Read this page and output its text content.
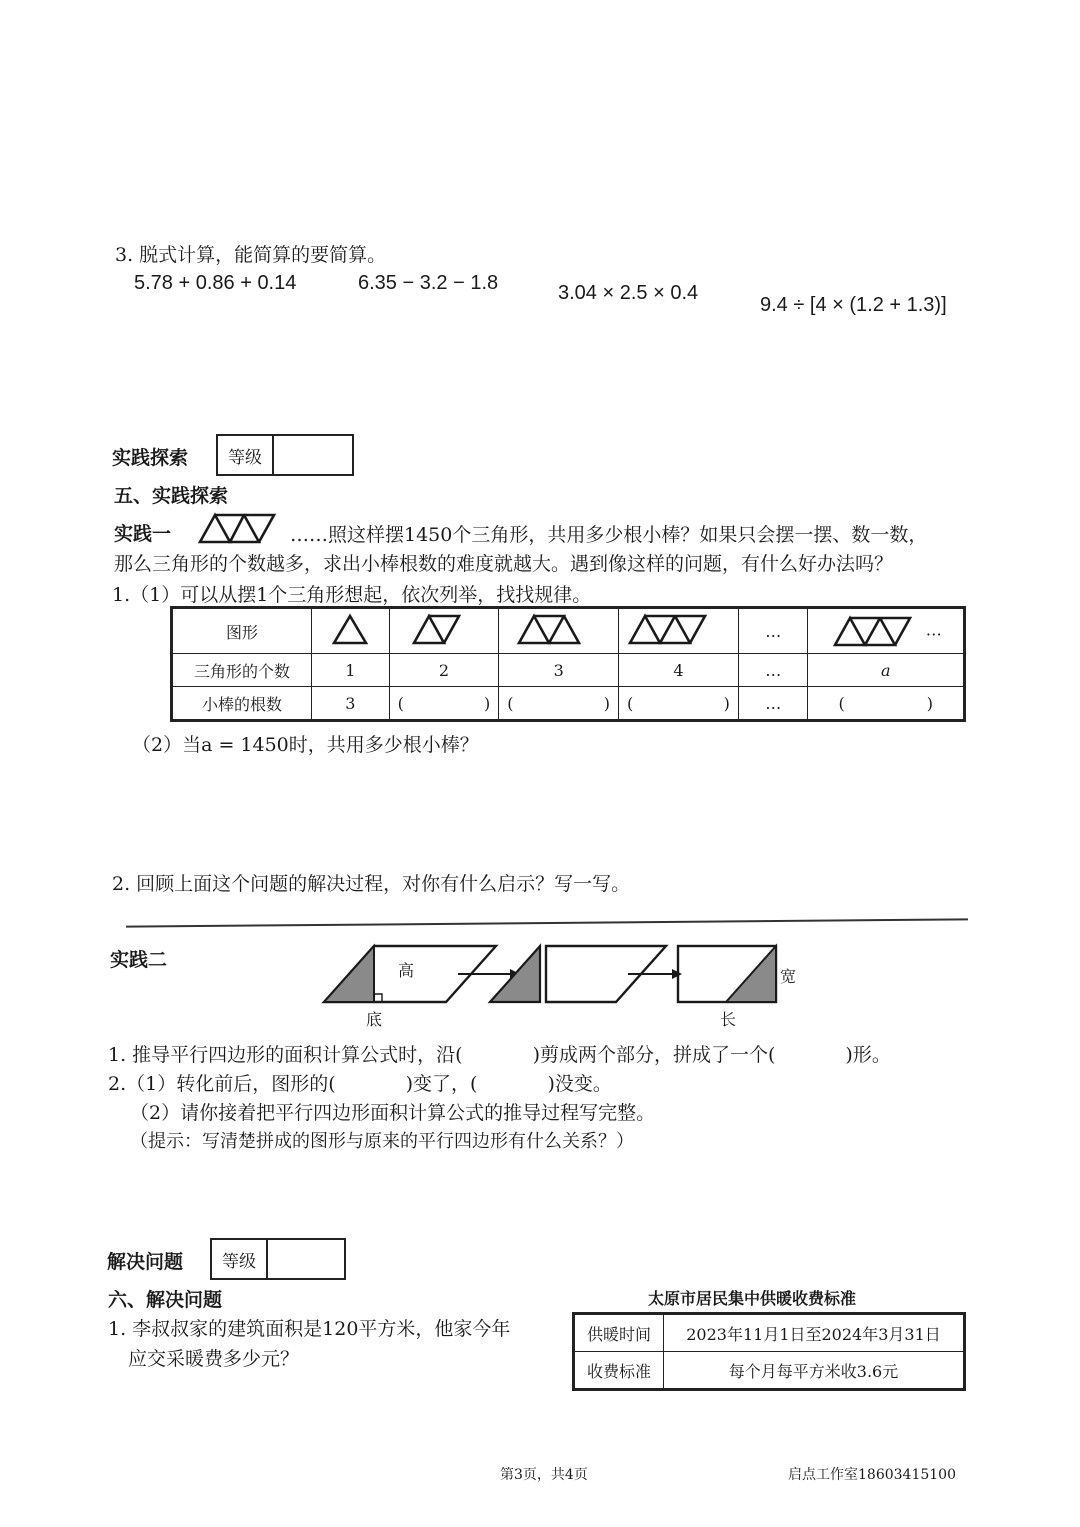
3. 脱式计算，能简算的要简算。
5.78 + 0.86 + 0.14	6.35 − 3.2 − 1.8	3.04 × 2.5 × 0.4
9.4 ÷ [4 × (1.2 + 1.3)]
实践探索	等级
五、实践探索
实践一	……照这样摆1450个三角形，共用多少根小棒？如果只会摆一摆、数一数，
那么三角形的个数越多，求出小棒根数的难度就越大。遇到像这样的问题，有什么好办法吗？
1.（1）可以从摆1个三角形想起，依次列举，找找规律。
图形					…	…
三角形的个数	1	2	3	4	…	a
小棒的根数	3	( )	( )	( )	…	( )
（2）当a = 1450时，共用多少根小棒？
2. 回顾上面这个问题的解决过程，对你有什么启示？写一写。
实践二	高
底
宽
长
1. 推导平行四边形的面积计算公式时，沿(	)剪成两个部分，拼成了一个(	)形。
2.（1）转化前后，图形的(	)变了，(	)没变。
（2）请你接着把平行四边形面积计算公式的推导过程写完整。
（提示：写清楚拼成的图形与原来的平行四边形有什么关系？）
解决问题	等级
六、解决问题
1. 李叔叔家的建筑面积是120平方米，他家今年
应交采暖费多少元？
太原市居民集中供暖收费标准
供暖时间	2023年11月1日至2024年3月31日
收费标准	每个月每平方米收3.6元
第3页，共4页	启点工作室18603415100
